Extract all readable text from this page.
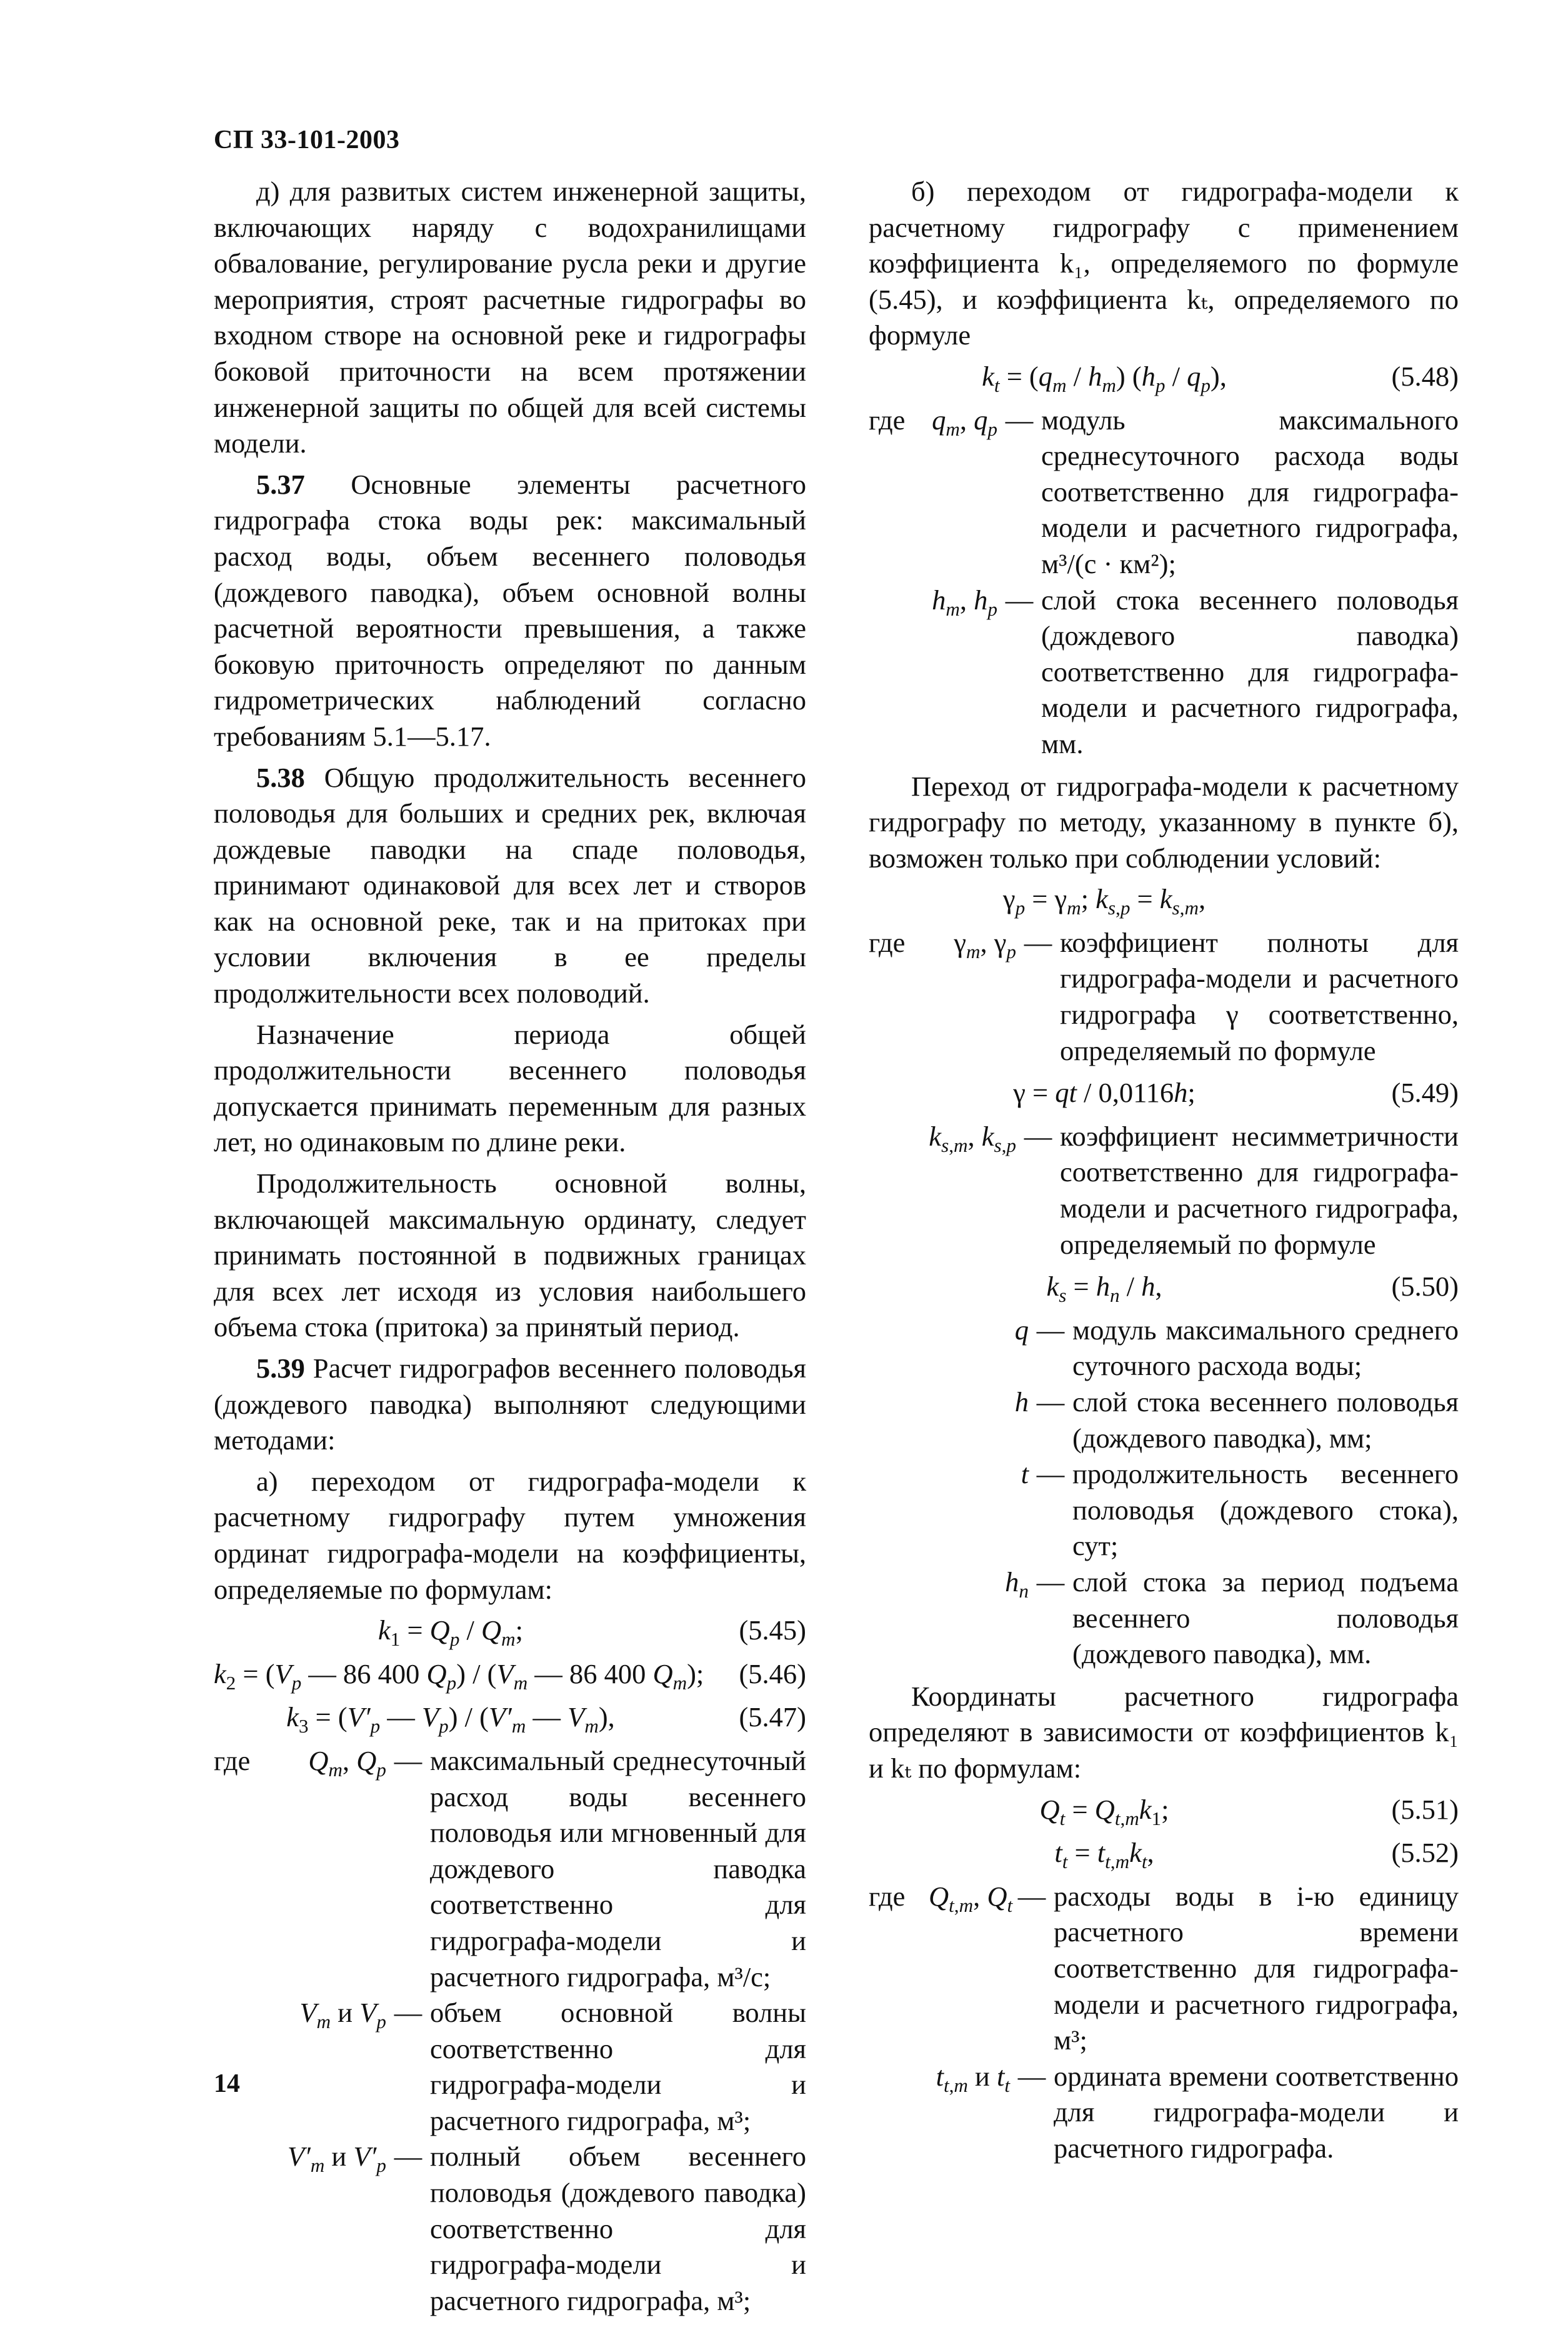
СП 33-101-2003

д) для развитых систем инженерной защиты, включающих наряду с водохранилищами обвалование, регулирование русла реки и другие мероприятия, строят расчетные гидрографы во входном створе на основной реке и гидрографы боковой приточности на всем протяжении инженерной защиты по общей для всей системы модели.

5.37 Основные элементы расчетного гидрографа стока воды рек: максимальный расход воды, объем весеннего половодья (дождевого паводка), объем основной волны расчетной вероятности превышения, а также боковую приточность определяют по данным гидрометрических наблюдений согласно требованиям 5.1—5.17.

5.38 Общую продолжительность весеннего половодья для больших и средних рек, включая дождевые паводки на спаде половодья, принимают одинаковой для всех лет и створов как на основной реке, так и на притоках при условии включения в ее пределы продолжительности всех половодий.

Назначение периода общей продолжительности весеннего половодья допускается принимать переменным для разных лет, но одинаковым по длине реки.

Продолжительность основной волны, включающей максимальную ординату, следует принимать постоянной в подвижных границах для всех лет исходя из условия наибольшего объема стока (притока) за принятый период.

5.39 Расчет гидрографов весеннего половодья (дождевого паводка) выполняют следующими методами:

а) переходом от гидрографа-модели к расчетному гидрографу путем умножения ординат гидрографа-модели на коэффициенты, определяемые по формулам:

$k_1 = Q_p / Q_m$;	(5.45)
$k_2 = (V_p$ — 86 400 $Q_p) / (V_m$ — 86 400 $Q_m$);	(5.46)
$k_3 = (V'_p$ — $V_p) / (V'_m$ — $V_m$),	(5.47)
где	$Q_m$, $Q_p$ — максимальный среднесуточный расход воды весеннего половодья или мгновенный для дождевого паводка соответственно для гидрографа-модели и расчетного гидрографа, м³/с;
$V_m$ и $V_p$ — объем основной волны соответственно для гидрографа-модели и расчетного гидрографа, м³;
$V'_m$ и $V'_p$ — полный объем весеннего половодья (дождевого паводка) соответственно для гидрографа-модели и расчетного гидрографа, м³;

б) переходом от гидрографа-модели к расчетному гидрографу с применением коэффициента k₁, определяемого по формуле (5.45), и коэффициента kₜ, определяемого по формуле

$k_t = (q_m / h_m)$ $(h_p / q_p)$,	(5.48)
где $q_m$, $q_p$ — модуль максимального среднесуточного расхода воды соответственно для гидрографа-модели и расчетного гидрографа, м³/(с · км²);
$h_m$, $h_p$ — слой стока весеннего половодья (дождевого паводка) соответственно для гидрографа-модели и расчетного гидрографа, мм.

Переход от гидрографа-модели к расчетному гидрографу по методу, указанному в пункте б), возможен только при соблюдении условий:

$\gamma_p = \gamma_m$; $k_{s,p} = k_{s,m}$,
где	$\gamma_m$, $\gamma_p$ — коэффициент полноты для гидрографа-модели и расчетного гидрографа γ соответственно, определяемый по формуле
γ = qt / 0,0116h;	(5.49)
$k_{s,m}$, $k_{s,p}$ — коэффициент несимметричности соответственно для гидрографа-модели и расчетного гидрографа, определяемый по формуле
$k_s = h_n / h$,	(5.50)
q — модуль максимального среднего суточного расхода воды;
h — слой стока весеннего половодья (дождевого паводка), мм;
t — продолжительность весеннего половодья (дождевого стока), сут;
$h_n$ — слой стока за период подъема весеннего половодья (дождевого паводка), мм.

Координаты расчетного гидрографа определяют в зависимости от коэффициентов k₁ и kₜ по формулам:

$Q_t = Q_{t,m}k_1$;	(5.51)
$t_t = t_{t,m}k_t$,	(5.52)
где $Q_{t,m}$, $Q_t$ — расходы воды в i-ю единицу расчетного времени соответственно для гидрографа-модели и расчетного гидрографа, м³;
$t_{t,m}$ и $t_t$ — ордината времени соответственно для гидрографа-модели и расчетного гидрографа.
14
